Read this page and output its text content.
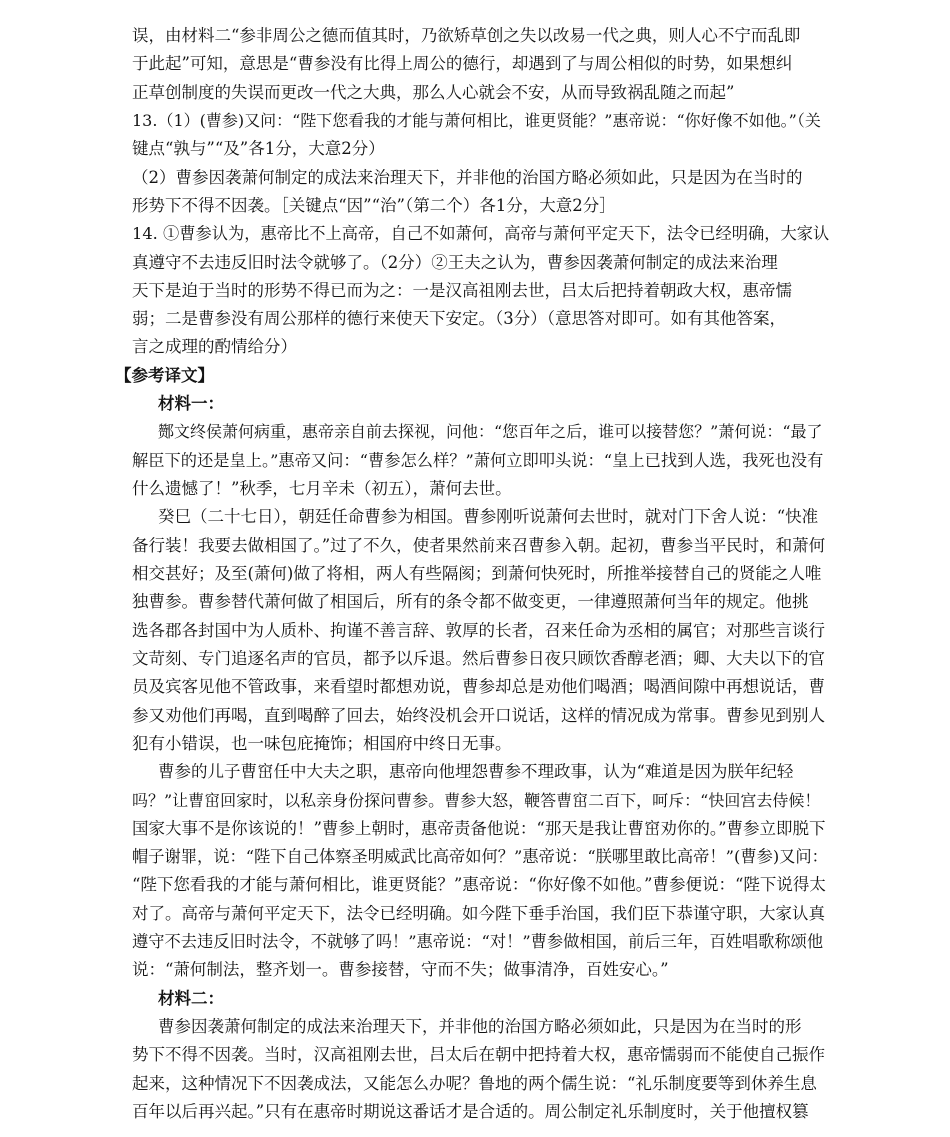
误，由材料二“参非周公之德而值其时，乃欲矫草创之失以改易一代之典，则人心不宁而乱即
于此起”可知，意思是“曹参没有比得上周公的德行，却遇到了与周公相似的时势，如果想纠
正草创制度的失误而更改一代之大典，那么人心就会不安，从而导致祸乱随之而起”
13.（1）(曹参)又问：“陛下您看我的才能与萧何相比，谁更贤能？”惠帝说：“你好像不如他。”（关
键点“孰与”“及”各1分，大意2分）
（2）曹参因袭萧何制定的成法来治理天下，并非他的治国方略必须如此，只是因为在当时的
形势下不得不因袭。［关键点“因”“治”（第二个）各1分，大意2分］
14. ①曹参认为，惠帝比不上高帝，自己不如萧何，高帝与萧何平定天下，法令已经明确，大家认
真遵守不去违反旧时法令就够了。（2分）②王夫之认为，曹参因袭萧何制定的成法来治理
天下是迫于当时的形势不得已而为之：一是汉高祖刚去世，吕太后把持着朝政大权，惠帝懦
弱；二是曹参没有周公那样的德行来使天下安定。（3分）（意思答对即可。如有其他答案，
言之成理的酌情给分）
【参考译文】
材料一：
酂文终侯萧何病重，惠帝亲自前去探视，问他：“您百年之后，谁可以接替您？”萧何说：“最了
解臣下的还是皇上。”惠帝又问：“曹参怎么样？”萧何立即叩头说：“皇上已找到人选，我死也没有
什么遗憾了！”秋季，七月辛未（初五），萧何去世。
癸巳（二十七日），朝廷任命曹参为相国。曹参刚听说萧何去世时，就对门下舍人说：“快准
备行装！我要去做相国了。”过了不久，使者果然前来召曹参入朝。起初，曹参当平民时，和萧何
相交甚好；及至(萧何)做了将相，两人有些隔阂；到萧何快死时，所推举接替自己的贤能之人唯
独曹参。曹参替代萧何做了相国后，所有的条令都不做变更，一律遵照萧何当年的规定。他挑
选各郡各封国中为人质朴、拘谨不善言辞、敦厚的长者，召来任命为丞相的属官；对那些言谈行
文苛刻、专门追逐名声的官员，都予以斥退。然后曹参日夜只顾饮香醇老酒；卿、大夫以下的官
员及宾客见他不管政事，来看望时都想劝说，曹参却总是劝他们喝酒；喝酒间隙中再想说话，曹
参又劝他们再喝，直到喝醉了回去，始终没机会开口说话，这样的情况成为常事。曹参见到别人
犯有小错误，也一味包庇掩饰；相国府中终日无事。
曹参的儿子曹窋任中大夫之职，惠帝向他埋怨曹参不理政事，认为“难道是因为朕年纪轻
吗？”让曹窋回家时，以私亲身份探问曹参。曹参大怒，鞭答曹窋二百下，呵斥：“快回宫去侍候！
国家大事不是你该说的！”曹参上朝时，惠帝责备他说：“那天是我让曹窋劝你的。”曹参立即脱下
帽子谢罪，说：“陛下自己体察圣明威武比高帝如何？”惠帝说：“朕哪里敢比高帝！”(曹参)又问：
“陛下您看我的才能与萧何相比，谁更贤能？”惠帝说：“你好像不如他。”曹参便说：“陛下说得太
对了。高帝与萧何平定天下，法令已经明确。如今陛下垂手治国，我们臣下恭谨守职，大家认真
遵守不去违反旧时法令，不就够了吗！”惠帝说：“对！”曹参做相国，前后三年，百姓唱歌称颂他
说：“萧何制法，整齐划一。曹参接替，守而不失；做事清净，百姓安心。”
材料二：
曹参因袭萧何制定的成法来治理天下，并非他的治国方略必须如此，只是因为在当时的形
势下不得不因袭。当时，汉高祖刚去世，吕太后在朝中把持着大权，惠帝懦弱而不能使自己振作
起来，这种情况下不因袭成法，又能怎么办呢？鲁地的两个儒生说：“礼乐制度要等到休养生息
百年以后再兴起。”只有在惠帝时期说这番话才是合适的。周公制定礼乐制度时，关于他擅权篡
